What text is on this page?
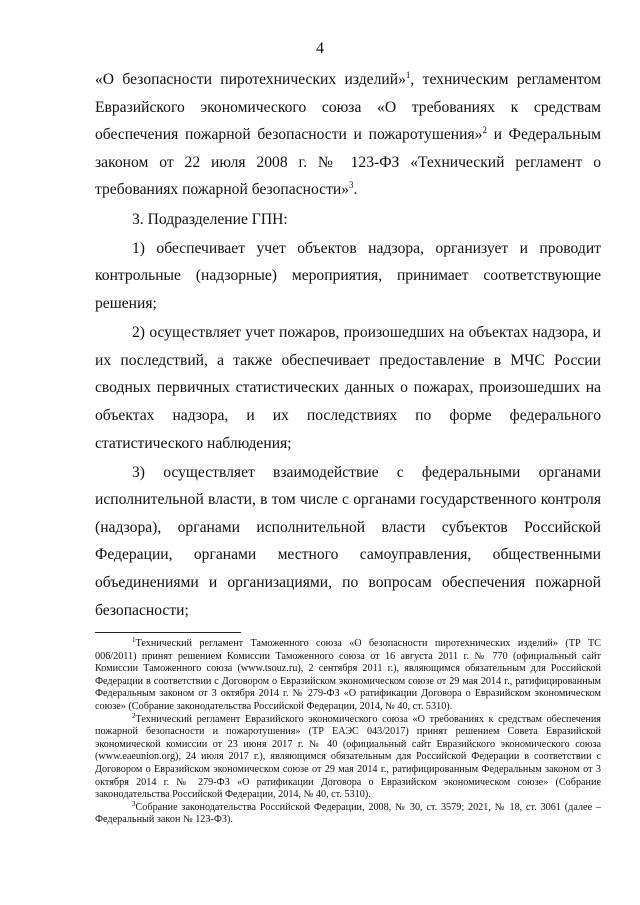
4

«О безопасности пиротехнических изделий»$^1$, техническим регламентом Евразийского экономического союза «О требованиях к средствам обеспечения пожарной безопасности и пожаротушения»$^2$ и Федеральным законом от 22 июля 2008 г. № 123-ФЗ «Технический регламент о требованиях пожарной безопасности»$^3$.

3. Подразделение ГПН:

1) обеспечивает учет объектов надзора, организует и проводит контрольные (надзорные) мероприятия, принимает соответствующие решения;

2) осуществляет учет пожаров, произошедших на объектах надзора, и их последствий, а также обеспечивает предоставление в МЧС России сводных первичных статистических данных о пожарах, произошедших на объектах надзора, и их последствиях по форме федерального статистического наблюдения;

3) осуществляет взаимодействие с федеральными органами исполнительной власти, в том числе с органами государственного контроля (надзора), органами исполнительной власти субъектов Российской Федерации, органами местного самоуправления, общественными объединениями и организациями, по вопросам обеспечения пожарной безопасности;

$^1$Технический регламент Таможенного союза «О безопасности пиротехнических изделий» (ТР ТС 006/2011) принят решением Комиссии Таможенного союза от 16 августа 2011 г. № 770 (официальный сайт Комиссии Таможенного союза (www.tsouz.ru), 2 сентября 2011 г.), являющимся обязательным для Российской Федерации в соответствии с Договором о Евразийском экономическом союзе от 29 мая 2014 г., ратифицированным Федеральным законом от 3 октября 2014 г. № 279-ФЗ «О ратификации Договора о Евразийском экономическом союзе» (Собрание законодательства Российской Федерации, 2014, № 40, ст. 5310).

$^2$Технический регламент Евразийского экономического союза «О требованиях к средствам обеспечения пожарной безопасности и пожаротушения» (ТР ЕАЭС 043/2017) принят решением Совета Евразийской экономической комиссии от 23 июня 2017 г. № 40 (официальный сайт Евразийского экономического союза (www.eaeunion.org), 24 июля 2017 г.), являющимся обязательным для Российской Федерации в соответствии с Договором о Евразийском экономическом союзе от 29 мая 2014 г., ратифицированным Федеральным законом от 3 октября 2014 г. № 279-ФЗ «О ратификации Договора о Евразийском экономическом союзе» (Собрание законодательства Российской Федерации, 2014, № 40, ст. 5310).

$^3$Собрание законодательства Российской Федерации, 2008, № 30, ст. 3579; 2021, № 18, ст. 3061 (далее – Федеральный закон № 123-ФЗ).
